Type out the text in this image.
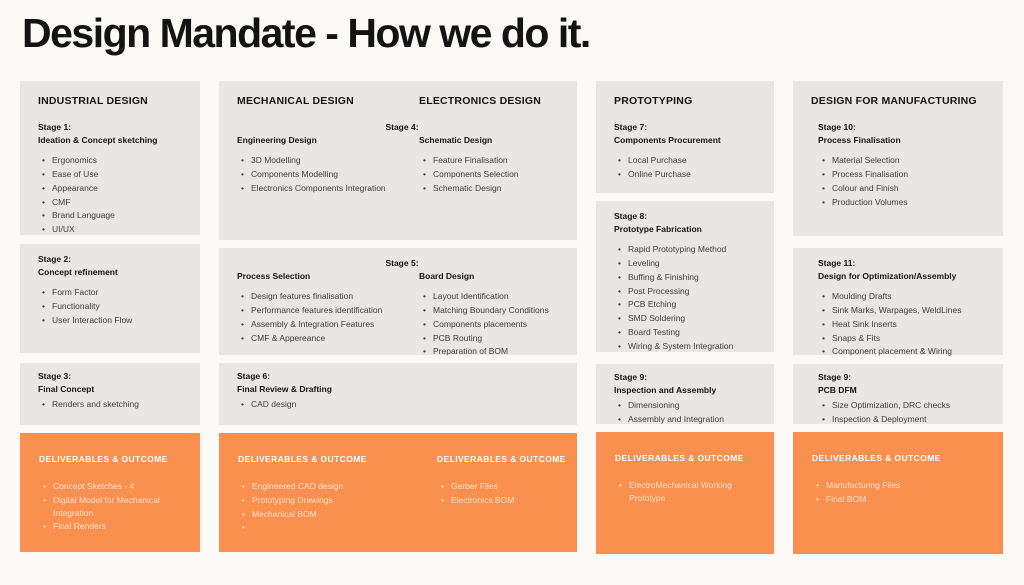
Design Mandate - How we do it.
INDUSTRIAL DESIGN
Stage 1:
Ideation & Concept sketching
• Ergonomics
• Ease of Use
• Appearance
• CMF
• Brand Language
• UI/UX
Stage 2:
Concept refinement
• Form Factor
• Functionality
• User Interaction Flow
Stage 3:
Final Concept
• Renders and sketching
DELIVERABLES & OUTCOME
• Concept Sketches - 4
• Digital Model for Mechanical Integration
• Final Renders
MECHANICAL DESIGN	ELECTRONICS DESIGN
Stage 4:
Engineering Design
• 3D Modelling
• Components Modelling
• Electronics Components Integration
Schematic Design
• Feature Finalisation
• Components Selection
• Schematic Design
Stage 5:
Process Selection
• Design features finalisation
• Performance features identification
• Assembly & Integration Features
• CMF & Appereance
Board Design
• Layout Identification
• Matching Boundary Conditions
• Components placements
• PCB Routing
• Preparation of BOM
Stage 6:
Final Review & Drafting
• CAD design
DELIVERABLES & OUTCOME
• Engineered CAD design
• Prototyping Drawings
• Mechanical BOM
DELIVERABLES & OUTCOME
• Gerber Files
• Electronics BOM
PROTOTYPING
Stage 7:
Components Procurement
• Local Purchase
• Online Purchase
Stage 8:
Prototype Fabrication
• Rapid Prototyping Method
• Leveling
• Buffing & Finishing
• Post Processing
• PCB Etching
• SMD Soldering
• Board Testing
• Wiring & System Integration
Stage 9:
Inspection and Assembly
• Dimensioning
• Assembly and Integration
DELIVERABLES & OUTCOME
• ElectroMechanical Working Prototype
DESIGN FOR MANUFACTURING
Stage 10:
Process Finalisation
• Material Selection
• Process Finalisation
• Colour and Finish
• Production Volumes
Stage 11:
Design for Optimization/Assembly
• Moulding Drafts
• Sink Marks, Warpages, WeldLines
• Heat Sink Inserts
• Snaps & Fits
• Component placement & Wiring
Stage 9:
PCB DFM
• Size Optimization, DRC checks
• Inspection & Deployment
DELIVERABLES & OUTCOME
• Manufacturing Files
• Final BOM
